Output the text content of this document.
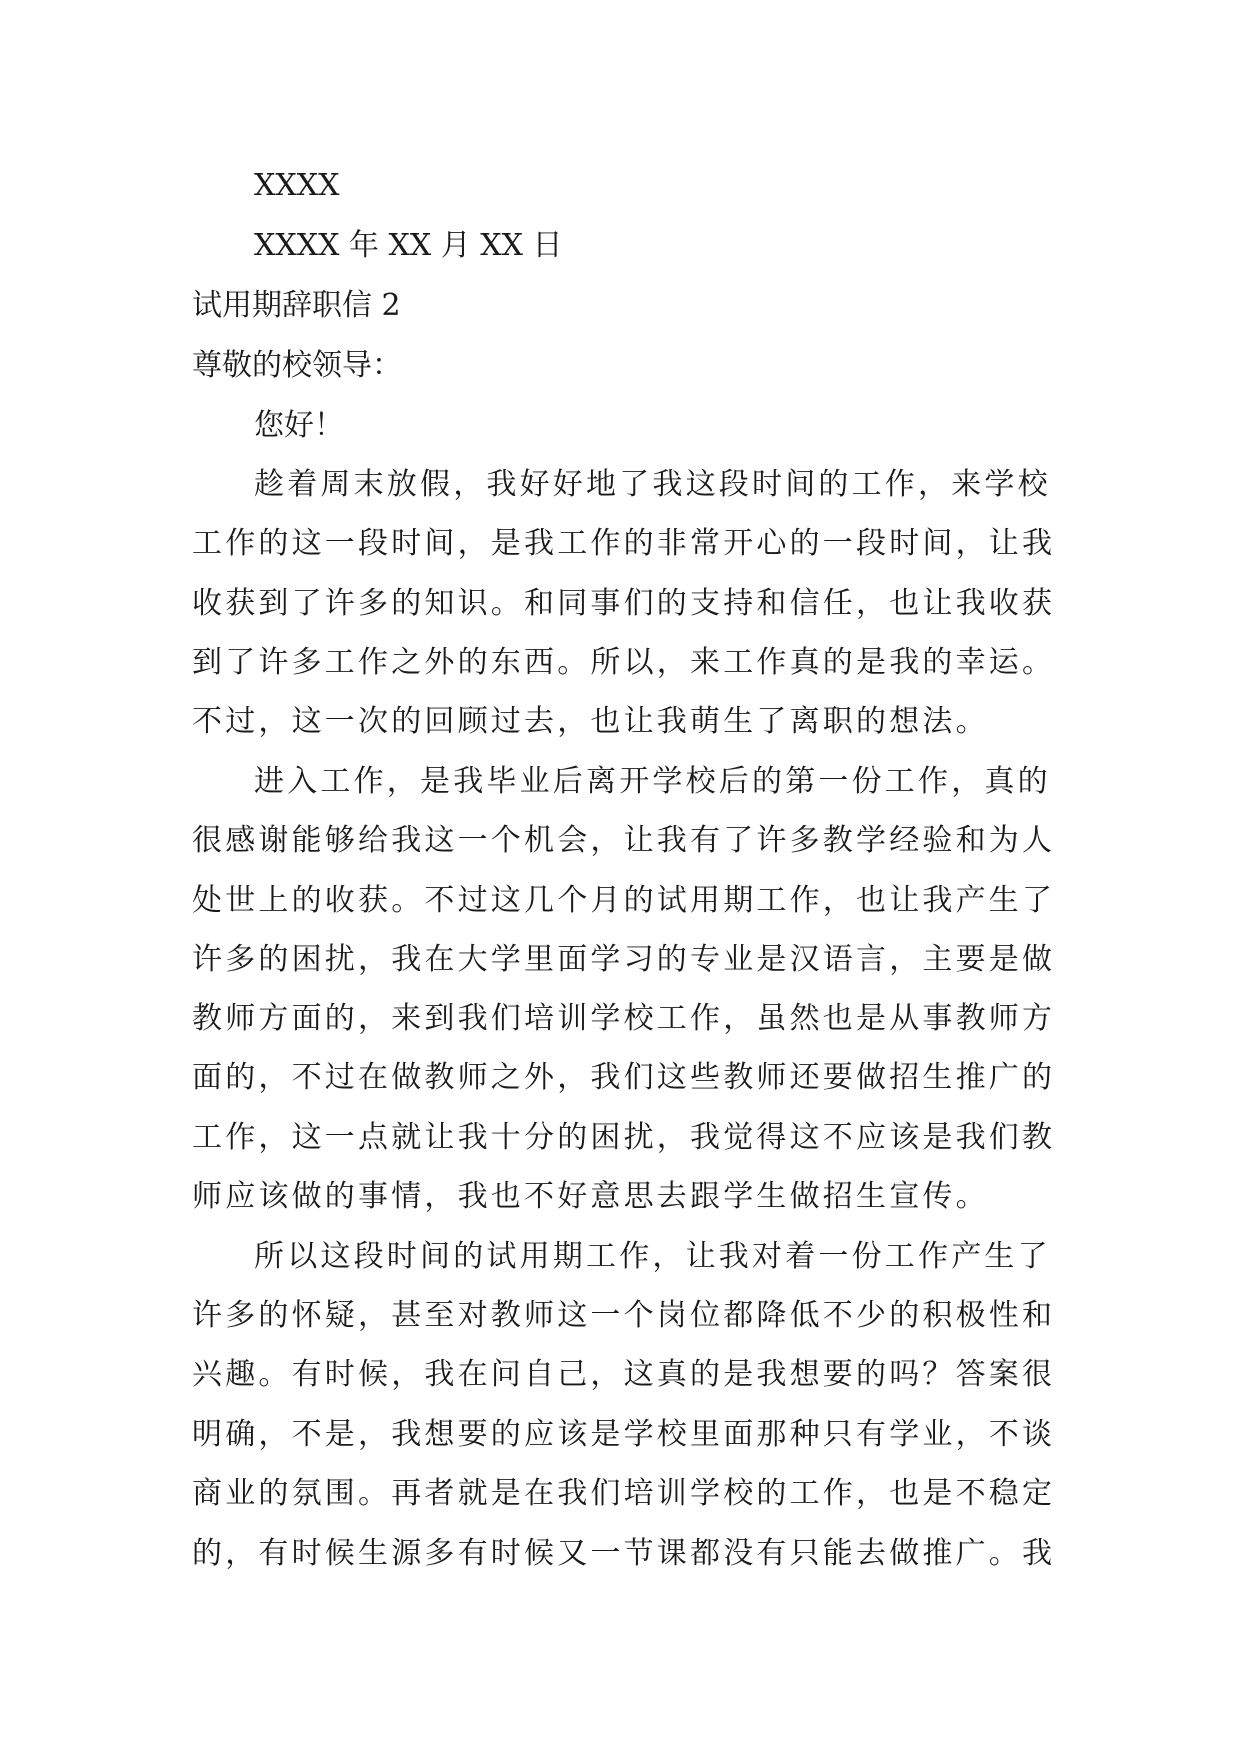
XXXX
XXXX 年 XX 月 XX 日
试用期辞职信 2
尊敬的校领导：
您好！
趁着周末放假，我好好地了我这段时间的工作，来学校
工作的这一段时间，是我工作的非常开心的一段时间，让我
收获到了许多的知识。和同事们的支持和信任，也让我收获
到了许多工作之外的东西。所以，来工作真的是我的幸运。
不过，这一次的回顾过去，也让我萌生了离职的想法。
进入工作，是我毕业后离开学校后的第一份工作，真的
很感谢能够给我这一个机会，让我有了许多教学经验和为人
处世上的收获。不过这几个月的试用期工作，也让我产生了
许多的困扰，我在大学里面学习的专业是汉语言，主要是做
教师方面的，来到我们培训学校工作，虽然也是从事教师方
面的，不过在做教师之外，我们这些教师还要做招生推广的
工作，这一点就让我十分的困扰，我觉得这不应该是我们教
师应该做的事情，我也不好意思去跟学生做招生宣传。
所以这段时间的试用期工作，让我对着一份工作产生了
许多的怀疑，甚至对教师这一个岗位都降低不少的积极性和
兴趣。有时候，我在问自己，这真的是我想要的吗？答案很
明确，不是，我想要的应该是学校里面那种只有学业，不谈
商业的氛围。再者就是在我们培训学校的工作，也是不稳定
的，有时候生源多有时候又一节课都没有只能去做推广。我
